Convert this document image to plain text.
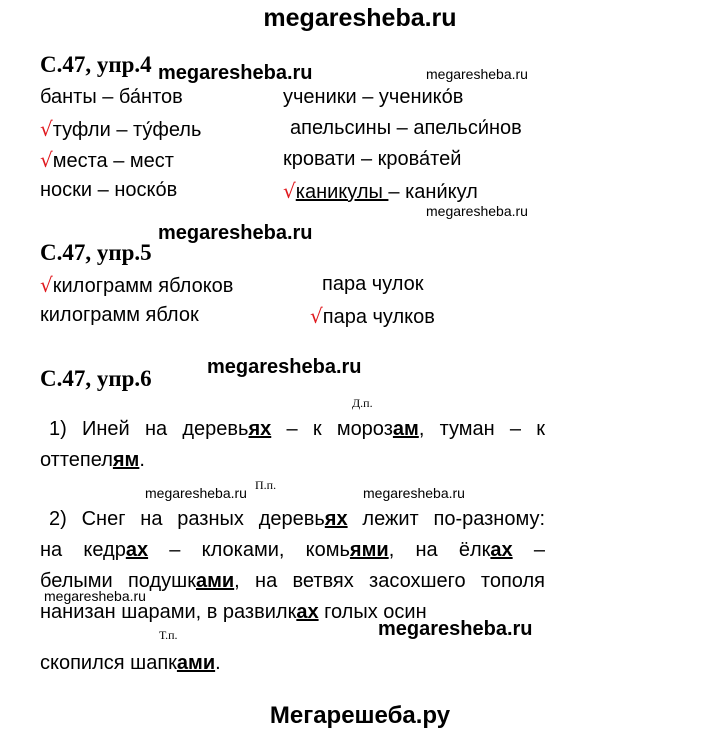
megaresheba.ru
С.47, упр.4 megaresheba.ru	megaresheba.ru
банты – ба́нтов	ученики – ученико́в
√туфли – ту́фель	апельсины – апельси́нов
√места – мест	кровати – крова́тей
носки – носко́в	√каникулы – кани́кул
megaresheba.ru
megaresheba.ru
С.47, упр.5
√килограмм яблоков	пара чулок
килограмм яблок	√пара чулков
megaresheba.ru
С.47, упр.6
Д.п.
1) Иней на деревьях – к морозам, туман – к
оттепелям.
megaresheba.ru П.п.	megaresheba.ru
2) Снег на разных деревьях лежит по-разному:
на кедрах – клоками, комьями, на ёлках –
белыми подушками, на ветвях засохшего тополя
нанизан шарами, в развилках голых осин
megaresheba.ru
megaresheba.ru
Т.п.
скопился шапками.
Мегарешеба.ру
